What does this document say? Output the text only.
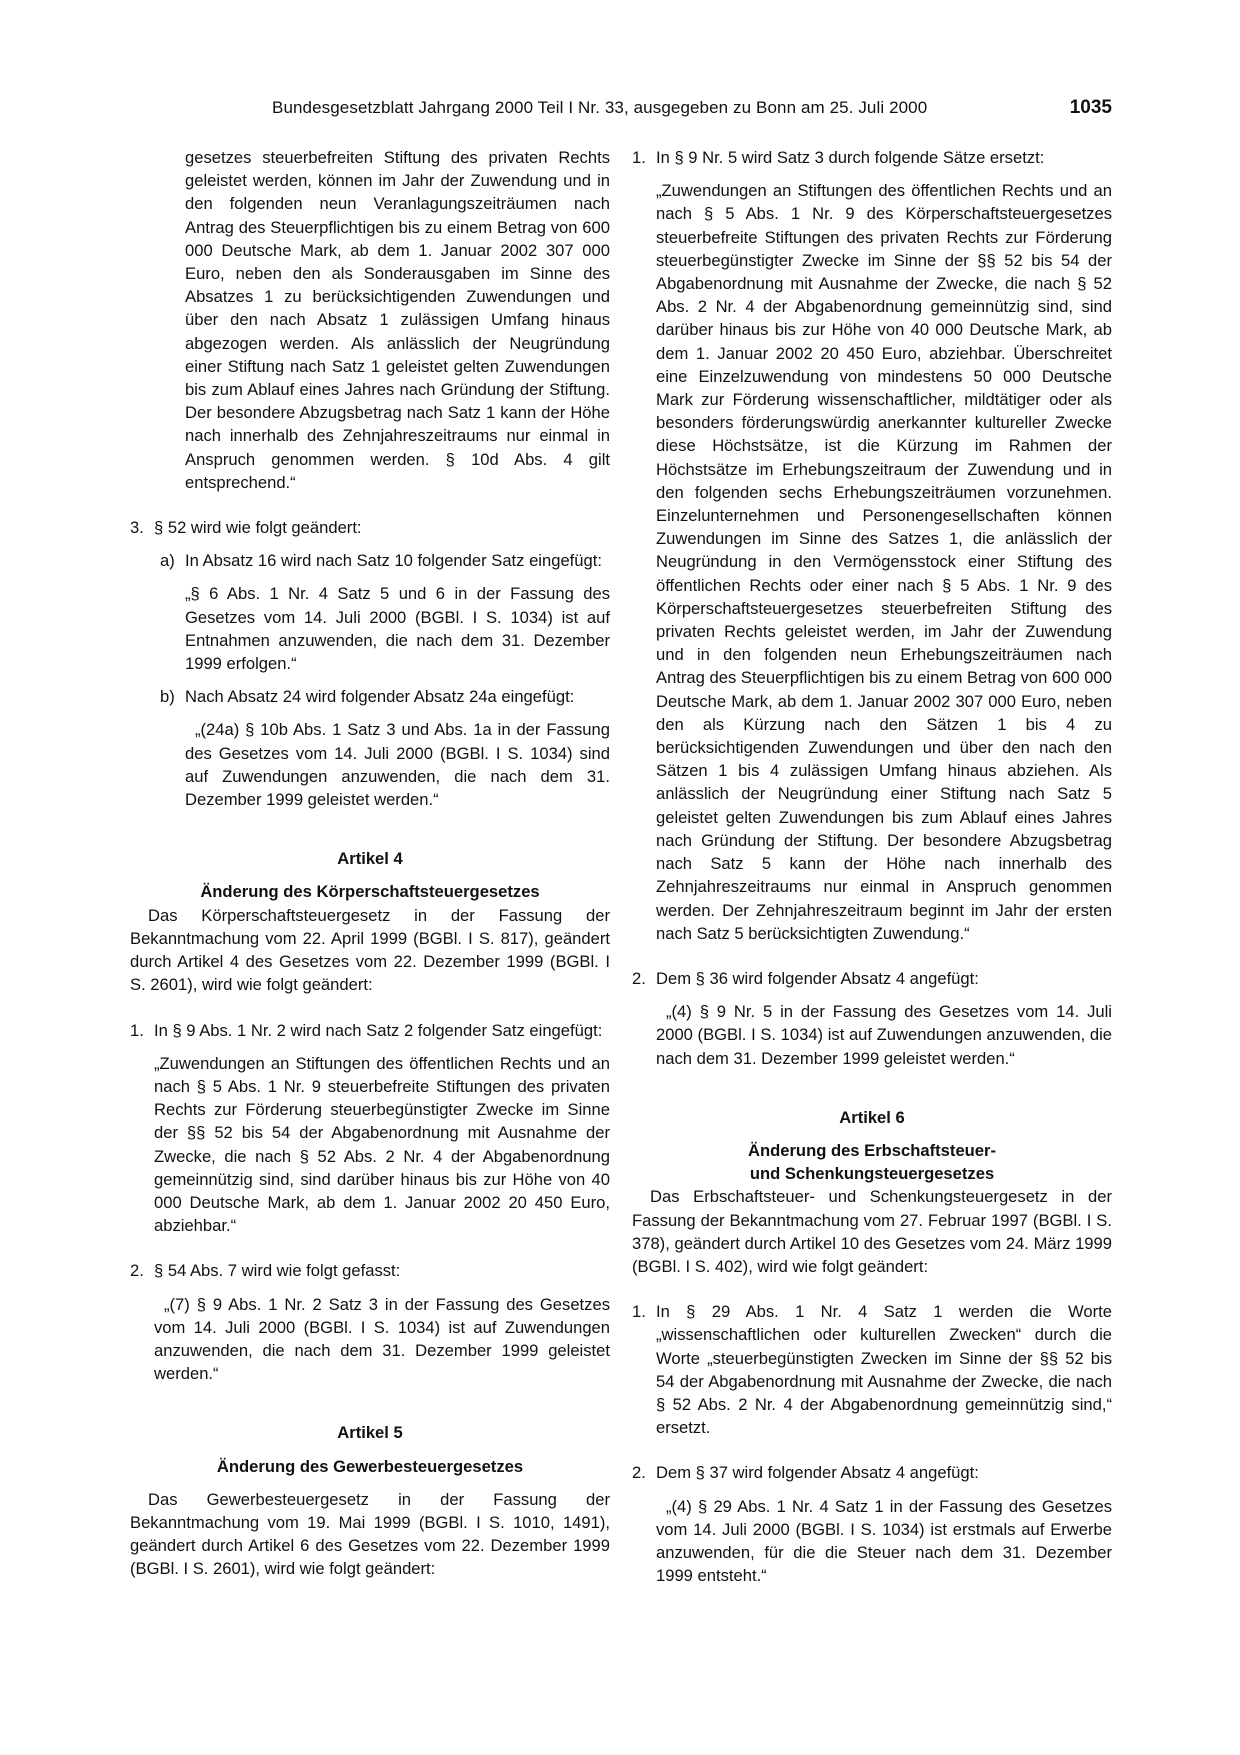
Bundesgesetzblatt Jahrgang 2000 Teil I Nr. 33, ausgegeben zu Bonn am 25. Juli 2000	1035

gesetzes steuerbefreiten Stiftung des privaten Rechts geleistet werden, können im Jahr der Zuwendung und in den folgenden neun Veranlagungszeiträumen nach Antrag des Steuerpflichtigen bis zu einem Betrag von 600 000 Deutsche Mark, ab dem 1. Januar 2002 307 000 Euro, neben den als Sonderausgaben im Sinne des Absatzes 1 zu berücksichtigenden Zuwendungen und über den nach Absatz 1 zulässigen Umfang hinaus abgezogen werden. Als anlässlich der Neugründung einer Stiftung nach Satz 1 geleistet gelten Zuwendungen bis zum Ablauf eines Jahres nach Gründung der Stiftung. Der besondere Abzugsbetrag nach Satz 1 kann der Höhe nach innerhalb des Zehnjahreszeitraums nur einmal in Anspruch genommen werden. § 10d Abs. 4 gilt entsprechend.“

3. § 52 wird wie folgt geändert:

a) In Absatz 16 wird nach Satz 10 folgender Satz eingefügt:

„§ 6 Abs. 1 Nr. 4 Satz 5 und 6 in der Fassung des Gesetzes vom 14. Juli 2000 (BGBl. I S. 1034) ist auf Entnahmen anzuwenden, die nach dem 31. Dezember 1999 erfolgen.“

b) Nach Absatz 24 wird folgender Absatz 24a eingefügt:

„(24a) § 10b Abs. 1 Satz 3 und Abs. 1a in der Fassung des Gesetzes vom 14. Juli 2000 (BGBl. I S. 1034) sind auf Zuwendungen anzuwenden, die nach dem 31. Dezember 1999 geleistet werden.“

Artikel 4

Änderung des Körperschaftsteuergesetzes

Das Körperschaftsteuergesetz in der Fassung der Bekanntmachung vom 22. April 1999 (BGBl. I S. 817), geändert durch Artikel 4 des Gesetzes vom 22. Dezember 1999 (BGBl. I S. 2601), wird wie folgt geändert:

1. In § 9 Abs. 1 Nr. 2 wird nach Satz 2 folgender Satz eingefügt:

„Zuwendungen an Stiftungen des öffentlichen Rechts und an nach § 5 Abs. 1 Nr. 9 steuerbefreite Stiftungen des privaten Rechts zur Förderung steuerbegünstigter Zwecke im Sinne der §§ 52 bis 54 der Abgabenordnung mit Ausnahme der Zwecke, die nach § 52 Abs. 2 Nr. 4 der Abgabenordnung gemeinnützig sind, sind darüber hinaus bis zur Höhe von 40 000 Deutsche Mark, ab dem 1. Januar 2002 20 450 Euro, abziehbar.“

2. § 54 Abs. 7 wird wie folgt gefasst:

„(7) § 9 Abs. 1 Nr. 2 Satz 3 in der Fassung des Gesetzes vom 14. Juli 2000 (BGBl. I S. 1034) ist auf Zuwendungen anzuwenden, die nach dem 31. Dezember 1999 geleistet werden.“

Artikel 5

Änderung des Gewerbesteuergesetzes

Das Gewerbesteuergesetz in der Fassung der Bekanntmachung vom 19. Mai 1999 (BGBl. I S. 1010, 1491), geändert durch Artikel 6 des Gesetzes vom 22. Dezember 1999 (BGBl. I S. 2601), wird wie folgt geändert:

1. In § 9 Nr. 5 wird Satz 3 durch folgende Sätze ersetzt:

„Zuwendungen an Stiftungen des öffentlichen Rechts und an nach § 5 Abs. 1 Nr. 9 des Körperschaftsteuergesetzes steuerbefreite Stiftungen des privaten Rechts zur Förderung steuerbegünstigter Zwecke im Sinne der §§ 52 bis 54 der Abgabenordnung mit Ausnahme der Zwecke, die nach § 52 Abs. 2 Nr. 4 der Abgabenordnung gemeinnützig sind, sind darüber hinaus bis zur Höhe von 40 000 Deutsche Mark, ab dem 1. Januar 2002 20 450 Euro, abziehbar. Überschreitet eine Einzelzuwendung von mindestens 50 000 Deutsche Mark zur Förderung wissenschaftlicher, mildtätiger oder als besonders förderungswürdig anerkannter kultureller Zwecke diese Höchstsätze, ist die Kürzung im Rahmen der Höchstsätze im Erhebungszeitraum der Zuwendung und in den folgenden sechs Erhebungszeiträumen vorzunehmen. Einzelunternehmen und Personengesellschaften können Zuwendungen im Sinne des Satzes 1, die anlässlich der Neugründung in den Vermögensstock einer Stiftung des öffentlichen Rechts oder einer nach § 5 Abs. 1 Nr. 9 des Körperschaftsteuergesetzes steuerbefreiten Stiftung des privaten Rechts geleistet werden, im Jahr der Zuwendung und in den folgenden neun Erhebungszeiträumen nach Antrag des Steuerpflichtigen bis zu einem Betrag von 600 000 Deutsche Mark, ab dem 1. Januar 2002 307 000 Euro, neben den als Kürzung nach den Sätzen 1 bis 4 zu berücksichtigenden Zuwendungen und über den nach den Sätzen 1 bis 4 zulässigen Umfang hinaus abziehen. Als anlässlich der Neugründung einer Stiftung nach Satz 5 geleistet gelten Zuwendungen bis zum Ablauf eines Jahres nach Gründung der Stiftung. Der besondere Abzugsbetrag nach Satz 5 kann der Höhe nach innerhalb des Zehnjahreszeitraums nur einmal in Anspruch genommen werden. Der Zehnjahreszeitraum beginnt im Jahr der ersten nach Satz 5 berücksichtigten Zuwendung.“

2. Dem § 36 wird folgender Absatz 4 angefügt:

„(4) § 9 Nr. 5 in der Fassung des Gesetzes vom 14. Juli 2000 (BGBl. I S. 1034) ist auf Zuwendungen anzuwenden, die nach dem 31. Dezember 1999 geleistet werden.“

Artikel 6

Änderung des Erbschaftsteuer-

und Schenkungsteuergesetzes

Das Erbschaftsteuer- und Schenkungsteuergesetz in der Fassung der Bekanntmachung vom 27. Februar 1997 (BGBl. I S. 378), geändert durch Artikel 10 des Gesetzes vom 24. März 1999 (BGBl. I S. 402), wird wie folgt geändert:

1. In § 29 Abs. 1 Nr. 4 Satz 1 werden die Worte „wissenschaftlichen oder kulturellen Zwecken“ durch die Worte „steuerbegünstigten Zwecken im Sinne der §§ 52 bis 54 der Abgabenordnung mit Ausnahme der Zwecke, die nach § 52 Abs. 2 Nr. 4 der Abgabenordnung gemeinnützig sind,“ ersetzt.

2. Dem § 37 wird folgender Absatz 4 angefügt:

„(4) § 29 Abs. 1 Nr. 4 Satz 1 in der Fassung des Gesetzes vom 14. Juli 2000 (BGBl. I S. 1034) ist erstmals auf Erwerbe anzuwenden, für die die Steuer nach dem 31. Dezember 1999 entsteht.“
